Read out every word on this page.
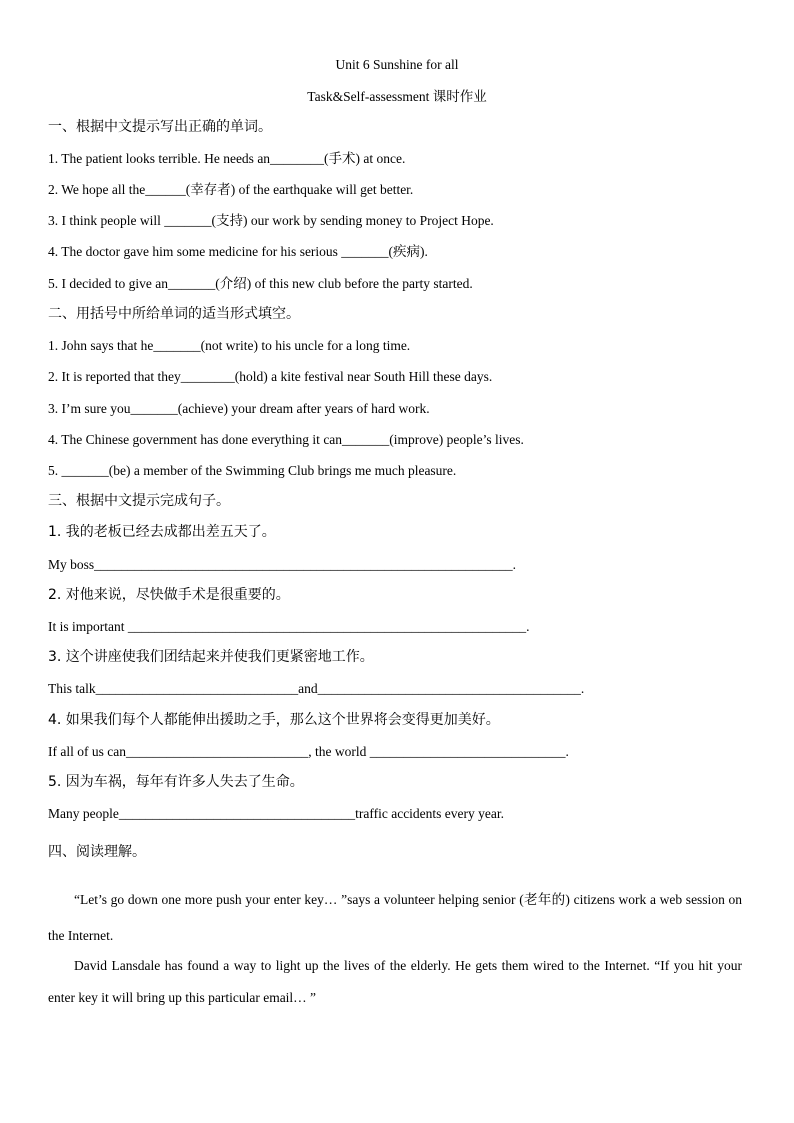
Unit 6 Sunshine for all
Task&Self-assessment 课时作业
一、根据中文提示写出正确的单词。
1. The patient looks terrible. He needs an________(手术) at once.
2. We hope all the______(幸存者) of the earthquake will get better.
3. I think people will _______(支持) our work by sending money to Project Hope.
4. The doctor gave him some medicine for his serious _______(疾病).
5. I decided to give an_______(介绍) of this new club before the party started.
二、用括号中所给单词的适当形式填空。
1. John says that he_______(not write) to his uncle for a long time.
2. It is reported that they________(hold) a kite festival near South Hill these days.
3. I’m sure you_______(achieve) your dream after years of hard work.
4. The Chinese government has done everything it can_______(improve) people’s lives.
5. _______(be) a member of the Swimming Club brings me much pleasure.
三、根据中文提示完成句子。
1. 我的老板已经去成都出差五天了。
My boss______________________________________________________________.
2. 对他来说，尽快做手术是很重要的。
It is important ___________________________________________________________.
3. 这个讲座使我们团结起来并使我们更紧密地工作。
This talk______________________________and_______________________________________.
4. 如果我们每个人都能伸出援助之手，那么这个世界将会变得更加美好。
If all of us can___________________________, the world _____________________________.
5. 因为车祸，每年有许多人失去了生命。
Many people___________________________________traffic accidents every year.
四、阅读理解。
“Let’s go down one more push your enter key… ”says a volunteer helping senior (老年的) citizens work a web session on the Internet.
David Lansdale has found a way to light up the lives of the elderly. He gets them wired to the Internet. “If you hit your enter key it will bring up this particular email… ”
